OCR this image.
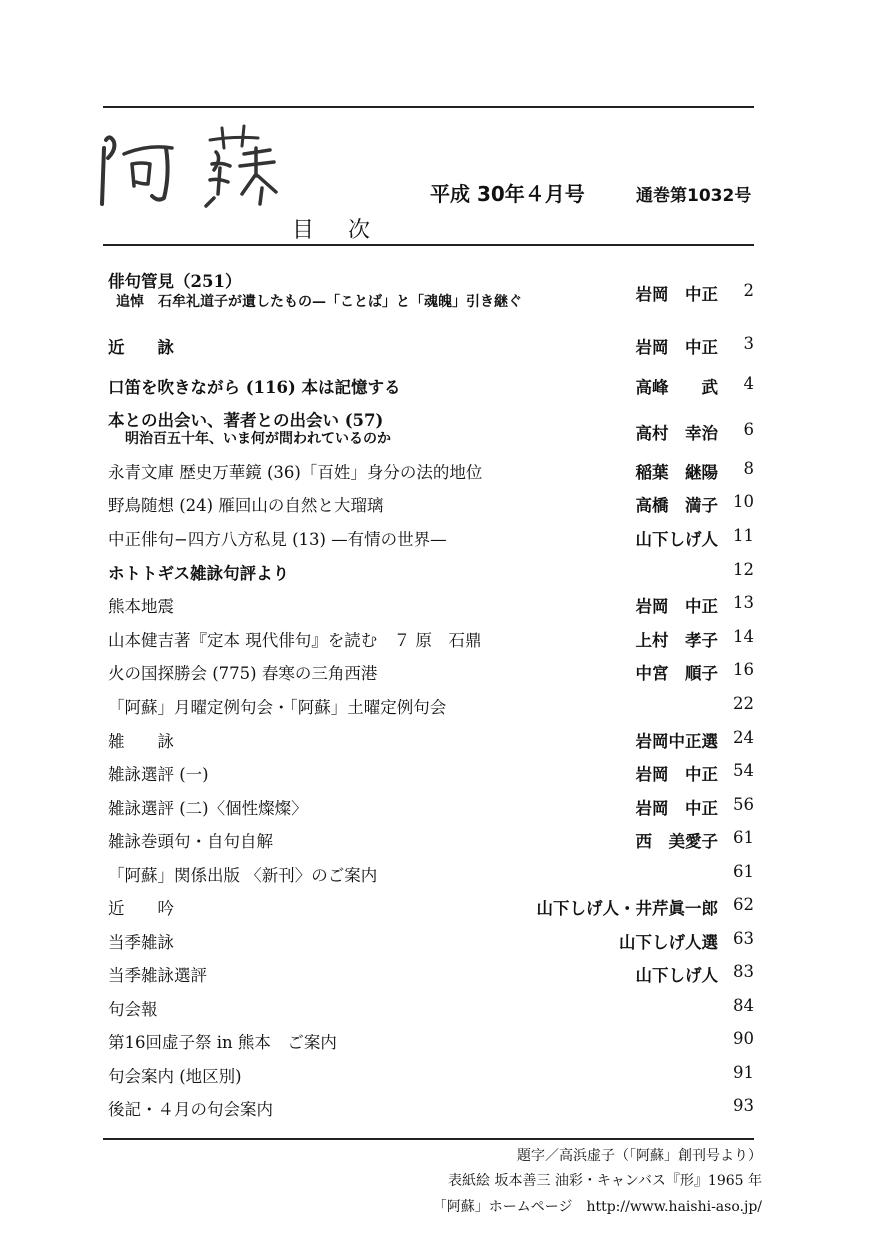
平成 30年４月号	通巻第1032号
目　次
俳句管見（251）
追悼　石牟礼道子が遺したもの—「ことば」と「魂魄」引き継ぐ	岩岡　中正 2
近　　詠	岩岡　中正 3
口笛を吹きながら (116) 本は記憶する	高峰　　武 4
本との出会い、著者との出会い (57)
明治百五十年、いま何が問われているのか	高村　幸治 6
永青文庫 歴史万華鏡 (36)「百姓」身分の法的地位	稲葉　継陽 8
野鳥随想 (24) 雁回山の自然と大瑠璃	高橋　満子 10
中正俳句−四方八方私見 (13) —有情の世界—	山下しげ人 11
ホトトギス雑詠句評より	12
熊本地震	岩岡　中正 13
山本健吉著『定本 現代俳句』を読む　７ 原　石鼎	上村　孝子 14
火の国探勝会 (775) 春寒の三角西港	中宮　順子 16
「阿蘇」月曜定例句会・「阿蘇」土曜定例句会	22
雑　　詠	岩岡中正選 24
雑詠選評 (一)	岩岡　中正 54
雑詠選評 (二)〈個性燦燦〉	岩岡　中正 56
雑詠巻頭句・自句自解	西　美愛子 61
「阿蘇」関係出版 〈新刊〉のご案内	61
近　　吟	山下しげ人・井芹眞一郎 62
当季雑詠	山下しげ人選 63
当季雑詠選評	山下しげ人 83
句会報	84
第16回虚子祭 in 熊本　ご案内	90
句会案内 (地区別)	91
後記・４月の句会案内	93
題字／高浜虚子（「阿蘇」創刊号より）
表紙絵 坂本善三 油彩・キャンバス『形』1965 年
「阿蘇」ホームページ　http://www.haishi-aso.jp/
